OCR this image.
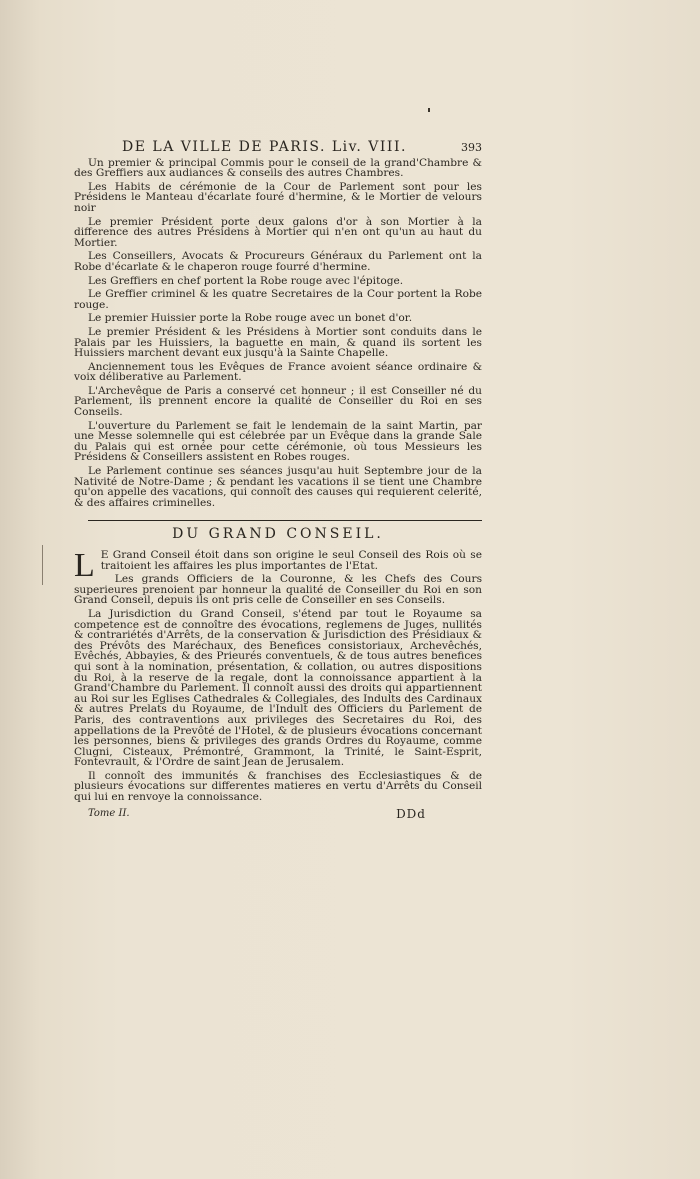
DE LA VILLE DE PARIS. Liv. VIII.	393

Un premier & principal Commis pour le conseil de la grand'Chambre & des Greffiers aux audiances & conseils des autres Chambres.

Les Habits de cérémonie de la Cour de Parlement sont pour les Présidens le Manteau d'écarlate fouré d'hermine, & le Mortier de velours noir

Le premier Président porte deux galons d'or à son Mortier à la difference des autres Présidens à Mortier qui n'en ont qu'un au haut du Mortier.

Les Conseillers, Avocats & Procureurs Généraux du Parlement ont la Robe d'écarlate & le chaperon rouge fourré d'hermine.

Les Greffiers en chef portent la Robe rouge avec l'épitoge.

Le Greffier criminel & les quatre Secretaires de la Cour portent la Robe rouge.

Le premier Huissier porte la Robe rouge avec un bonet d'or.

Le premier Président & les Présidens à Mortier sont conduits dans le Palais par les Huissiers, la baguette en main, & quand ils sortent les Huissiers marchent devant eux jusqu'à la Sainte Chapelle.

Anciennement tous les Evêques de France avoient séance ordinaire & voix déliberative au Parlement.

L'Archevêque de Paris a conservé cet honneur ; il est Conseiller né du Parlement, ils prennent encore la qualité de Conseiller du Roi en ses Conseils.

L'ouverture du Parlement se fait le lendemain de la saint Martin, par une Messe solemnelle qui est célebrée par un Evêque dans la grande Sale du Palais qui est ornée pour cette cérémonie, où tous Messieurs les Présidens & Conseillers assistent en Robes rouges.

Le Parlement continue ses séances jusqu'au huit Septembre jour de la Nativité de Notre-Dame ; & pendant les vacations il se tient une Chambre qu'on appelle des vacations, qui connoît des causes qui requierent celerité, & des affaires criminelles.

DU GRAND CONSEIL.

L E Grand Conseil étoit dans son origine le seul Conseil des Rois où se traitoient les affaires les plus importantes de l'Etat.

Les grands Officiers de la Couronne, & les Chefs des Cours superieures prenoient par honneur la qualité de Conseiller du Roi en son Grand Conseil, depuis ils ont pris celle de Conseiller en ses Conseils.

La Jurisdiction du Grand Conseil, s'étend par tout le Royaume sa competence est de connoître des évocations, reglemens de Juges, nullités & contrariétés d'Arrêts, de la conservation & Jurisdiction des Présidiaux & des Prévôts des Maréchaux, des Benefices consistoriaux, Archevêchés, Evêchés, Abbayies, & des Prieurés conventuels, & de tous autres benefices qui sont à la nomination, présentation, & collation, ou autres dispositions du Roi, à la reserve de la regale, dont la connoissance appartient à la Grand'Chambre du Parlement. Il connoît aussi des droits qui appartiennent au Roi sur les Eglises Cathedrales & Collegiales, des Indults des Cardinaux & autres Prelats du Royaume, de l'Indult des Officiers du Parlement de Paris, des contraventions aux privileges des Secretaires du Roi, des appellations de la Prevôté de l'Hotel, & de plusieurs évocations concernant les personnes, biens & privileges des grands Ordres du Royaume, comme Clugni, Cisteaux, Prémontré, Grammont, la Trinité, le Saint-Esprit, Fontevrault, & l'Ordre de saint Jean de Jerusalem.

Il connoît des immunités & franchises des Ecclesiastiques & de plusieurs évocations sur differentes matieres en vertu d'Arrêts du Conseil qui lui en renvoye la connoissance.

Tome II.	DDd
